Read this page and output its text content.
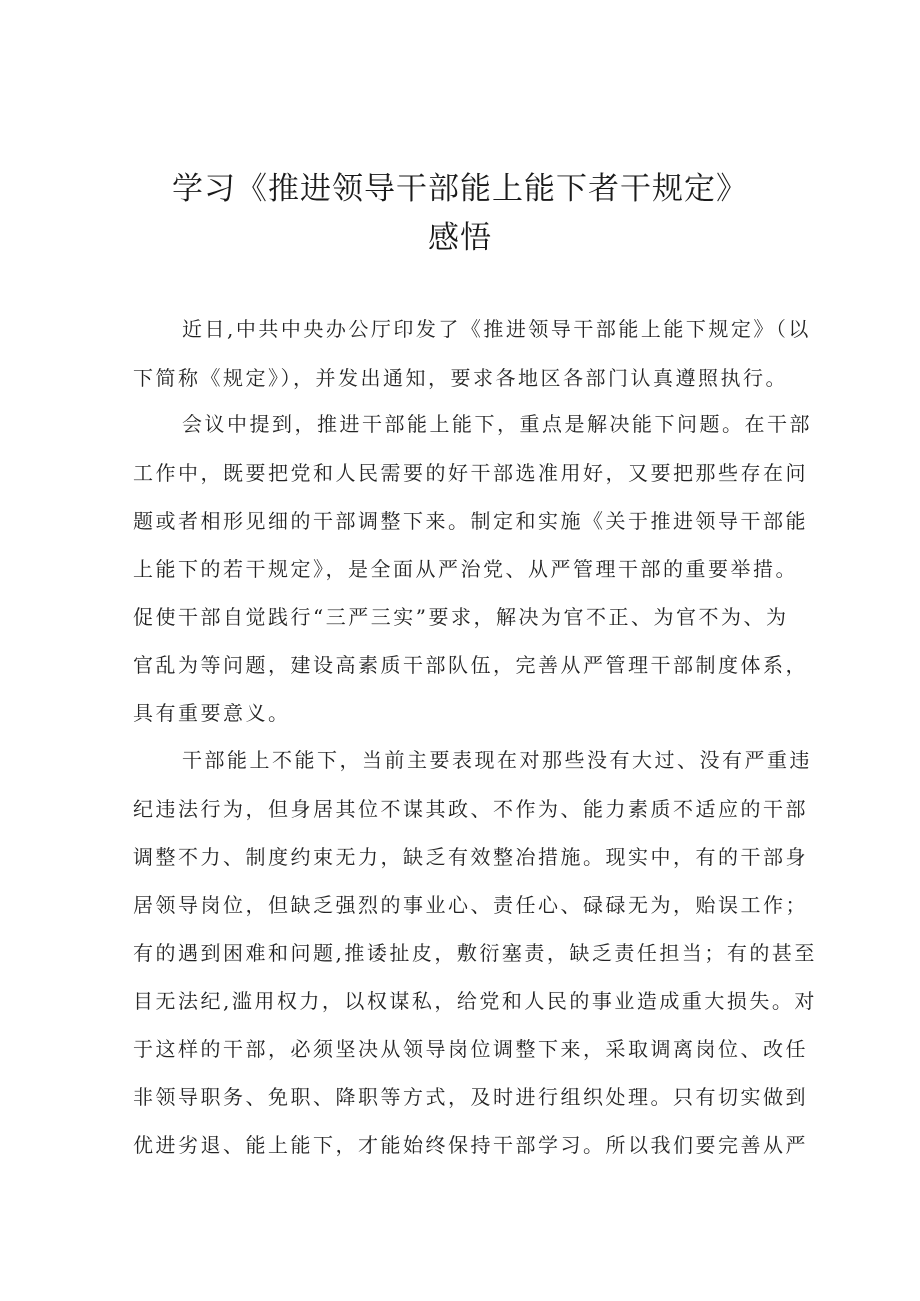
学习《推进领导干部能上能下者干规定》
感悟
近日,中共中央办公厅印发了《推进领导干部能上能下规定》（以
下简称《规定》），并发出通知，要求各地区各部门认真遵照执行。
会议中提到，推进干部能上能下，重点是解决能下问题。在干部
工作中，既要把党和人民需要的好干部选准用好，又要把那些存在问
题或者相形见细的干部调整下来。制定和实施《关于推进领导干部能
上能下的若干规定》，是全面从严治党、从严管理干部的重要举措。
促使干部自觉践行“三严三实”要求，解决为官不正、为官不为、为
官乱为等问题，建设高素质干部队伍，完善从严管理干部制度体系，
具有重要意义。
干部能上不能下，当前主要表现在对那些没有大过、没有严重违
纪违法行为，但身居其位不谋其政、不作为、能力素质不适应的干部
调整不力、制度约束无力，缺乏有效整冶措施。现实中，有的干部身
居领导岗位，但缺乏强烈的事业心、责任心、碌碌无为，贻误工作；
有的遇到困难和问题,推诿扯皮，敷衍塞责，缺乏责任担当；有的甚至
目无法纪,滥用权力，以权谋私，给党和人民的事业造成重大损失。对
于这样的干部，必须坚决从领导岗位调整下来，采取调离岗位、改任
非领导职务、免职、降职等方式，及时进行组织处理。只有切实做到
优进劣退、能上能下，才能始终保持干部学习。所以我们要完善从严
